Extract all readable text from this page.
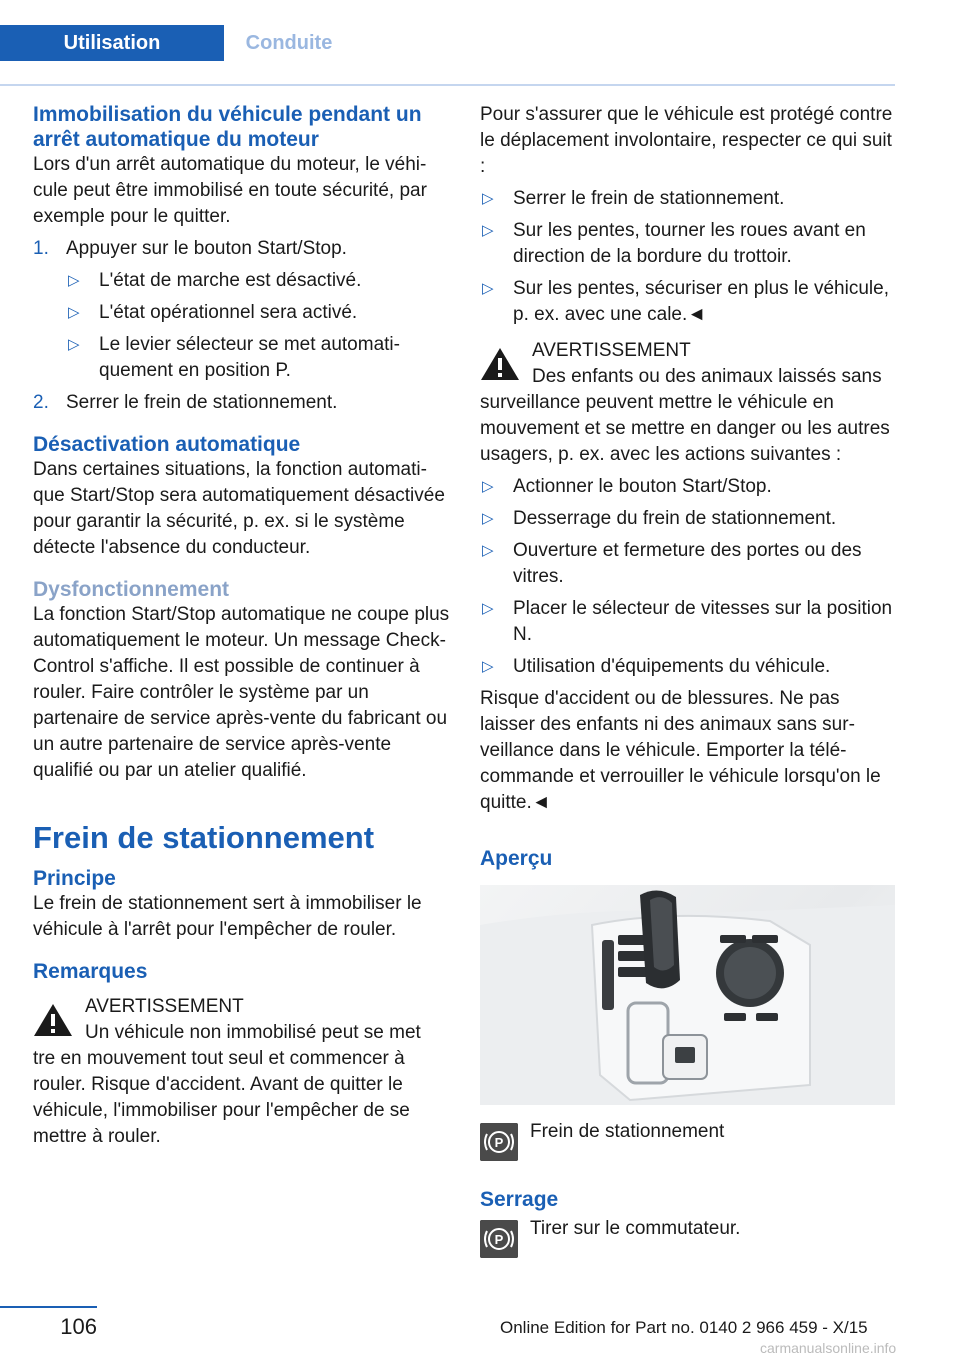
Utilisation	Conduite
Immobilisation du véhicule pendant un arrêt automatique du moteur

Lors d'un arrêt automatique du moteur, le véhicule peut être immobilisé en toute sécurité, par exemple pour le quitter.

1. Appuyer sur le bouton Start/Stop.
▷ L'état de marche est désactivé.
▷ L'état opérationnel sera activé.
▷ Le levier sélecteur se met automatiquement en position P.
2. Serrer le frein de stationnement.
Désactivation automatique

Dans certaines situations, la fonction automatique Start/Stop sera automatiquement désactivée pour garantir la sécurité, p. ex. si le système détecte l'absence du conducteur.

Dysfonctionnement

La fonction Start/Stop automatique ne coupe plus automatiquement le moteur. Un message Check-Control s'affiche. Il est possible de continuer à rouler. Faire contrôler le système par un partenaire de service après-vente du fabricant ou un autre partenaire de service après-vente qualifié ou par un atelier qualifié.

Frein de stationnement
Principe

Le frein de stationnement sert à immobiliser le véhicule à l'arrêt pour l'empêcher de rouler.

Remarques
AVERTISSEMENT
Un véhicule non immobilisé peut se met
tre en mouvement tout seul et commencer à rouler. Risque d'accident. Avant de quitter le véhicule, l'immobiliser pour l'empêcher de se mettre à rouler.

Pour s'assurer que le véhicule est protégé contre le déplacement involontaire, respecter ce qui suit :

▷ Serrer le frein de stationnement.
▷ Sur les pentes, tourner les roues avant en direction de la bordure du trottoir.
▷ Sur les pentes, sécuriser en plus le véhicule, p. ex. avec une cale.◄
AVERTISSEMENT
Des enfants ou des animaux laissés sans
surveillance peuvent mettre le véhicule en mouvement et se mettre en danger ou les autres usagers, p. ex. avec les actions suivantes :
▷ Actionner le bouton Start/Stop.
▷ Desserrage du frein de stationnement.
▷ Ouverture et fermeture des portes ou des vitres.
▷ Placer le sélecteur de vitesses sur la position N.
▷ Utilisation d'équipements du véhicule.

Risque d'accident ou de blessures. Ne pas laisser des enfants ni des animaux sans surveillance dans le véhicule. Emporter la télécommande et verrouiller le véhicule lorsqu'on le quitte.◄

Aperçu
P
Frein de stationnement
Serrage
P
Tirer sur le commutateur.
106	Online Edition for Part no. 0140 2 966 459 - X/15
carmanualsonline.info
